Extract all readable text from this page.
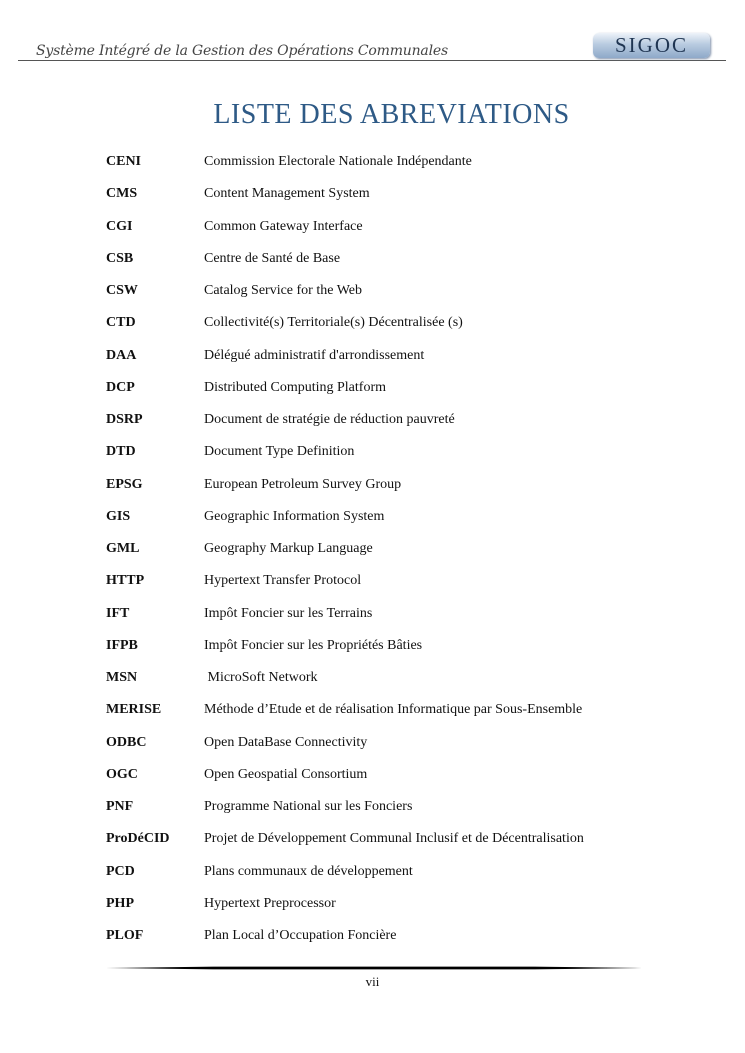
Système Intégré de la Gestion des Opérations Communales	SIGOC
LISTE DES ABREVIATIONS
CENI	Commission Electorale Nationale Indépendante
CMS	Content Management System
CGI	Common Gateway Interface
CSB	Centre de Santé de Base
CSW	Catalog Service for the Web
CTD	Collectivité(s) Territoriale(s) Décentralisée (s)
DAA	Délégué administratif d'arrondissement
DCP	Distributed Computing Platform
DSRP	Document de stratégie de réduction pauvreté
DTD	Document Type Definition
EPSG	European Petroleum Survey Group
GIS	Geographic Information System
GML	Geography Markup Language
HTTP	Hypertext Transfer Protocol
IFT	Impôt Foncier sur les Terrains
IFPB	Impôt Foncier sur les Propriétés Bâties
MSN	MicroSoft Network
MERISE	Méthode d’Etude et de réalisation Informatique par Sous-Ensemble
ODBC	Open DataBase Connectivity
OGC	Open Geospatial Consortium
PNF	Programme National sur les Fonciers
ProDéCID	Projet de Développement Communal Inclusif et de Décentralisation
PCD	Plans communaux de développement
PHP	Hypertext Preprocessor
PLOF	Plan Local d’Occupation Foncière
vii
